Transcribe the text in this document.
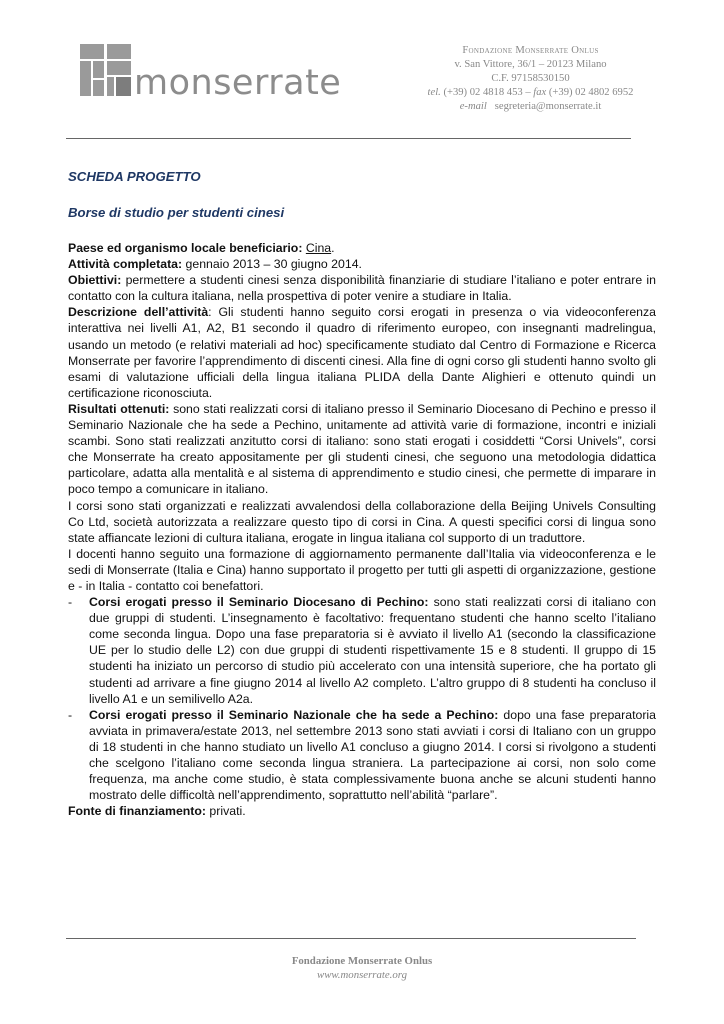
monserrate
Fondazione Monserrate Onlus
v. San Vittore, 36/1 – 20123 Milano
C.F. 97158530150
tel. (+39) 02 4818 453 – fax (+39) 02 4802 6952
e-mail segreteria@monserrate.it
SCHEDA PROGETTO
Borse di studio per studenti cinesi

Paese ed organismo locale beneficiario: Cina.

Attività completata: gennaio 2013 – 30 giugno 2014.

Obiettivi: permettere a studenti cinesi senza disponibilità finanziarie di studiare l’italiano e poter entrare in contatto con la cultura italiana, nella prospettiva di poter venire a studiare in Italia.

Descrizione dell’attività: Gli studenti hanno seguito corsi erogati in presenza o via videoconferenza interattiva nei livelli A1, A2, B1 secondo il quadro di riferimento europeo, con insegnanti madrelingua, usando un metodo (e relativi materiali ad hoc) specificamente studiato dal Centro di Formazione e Ricerca Monserrate per favorire l’apprendimento di discenti cinesi. Alla fine di ogni corso gli studenti hanno svolto gli esami di valutazione ufficiali della lingua italiana PLIDA della Dante Alighieri e ottenuto quindi un certificazione riconosciuta.

Risultati ottenuti: sono stati realizzati corsi di italiano presso il Seminario Diocesano di Pechino e presso il Seminario Nazionale che ha sede a Pechino, unitamente ad attività varie di formazione, incontri e iniziali scambi. Sono stati realizzati anzitutto corsi di italiano: sono stati erogati i cosiddetti “Corsi Univels”, corsi che Monserrate ha creato appositamente per gli studenti cinesi, che seguono una metodologia didattica particolare, adatta alla mentalità e al sistema di apprendimento e studio cinesi, che permette di imparare in poco tempo a comunicare in italiano.

I corsi sono stati organizzati e realizzati avvalendosi della collaborazione della Beijing Univels Consulting Co Ltd, società autorizzata a realizzare questo tipo di corsi in Cina. A questi specifici corsi di lingua sono state affiancate lezioni di cultura italiana, erogate in lingua italiana col supporto di un traduttore.

I docenti hanno seguito una formazione di aggiornamento permanente dall’Italia via videoconferenza e le sedi di Monserrate (Italia e Cina) hanno supportato il progetto per tutti gli aspetti di organizzazione, gestione e - in Italia - contatto coi benefattori.

- Corsi erogati presso il Seminario Diocesano di Pechino: sono stati realizzati corsi di italiano con due gruppi di studenti. L’insegnamento è facoltativo: frequentano studenti che hanno scelto l’italiano come seconda lingua. Dopo una fase preparatoria si è avviato il livello A1 (secondo la classificazione UE per lo studio delle L2) con due gruppi di studenti rispettivamente 15 e 8 studenti. Il gruppo di 15 studenti ha iniziato un percorso di studio più accelerato con una intensità superiore, che ha portato gli studenti ad arrivare a fine giugno 2014 al livello A2 completo. L’altro gruppo di 8 studenti ha concluso il livello A1 e un semilivello A2a.
- Corsi erogati presso il Seminario Nazionale che ha sede a Pechino: dopo una fase preparatoria avviata in primavera/estate 2013, nel settembre 2013 sono stati avviati i corsi di Italiano con un gruppo di 18 studenti in che hanno studiato un livello A1 concluso a giugno 2014. I corsi si rivolgono a studenti che scelgono l’italiano come seconda lingua straniera. La partecipazione ai corsi, non solo come frequenza, ma anche come studio, è stata complessivamente buona anche se alcuni studenti hanno mostrato delle difficoltà nell’apprendimento, soprattutto nell’abilità “parlare”.

Fonte di finanziamento: privati.

Fondazione Monserrate Onlus
www.monserrate.org
